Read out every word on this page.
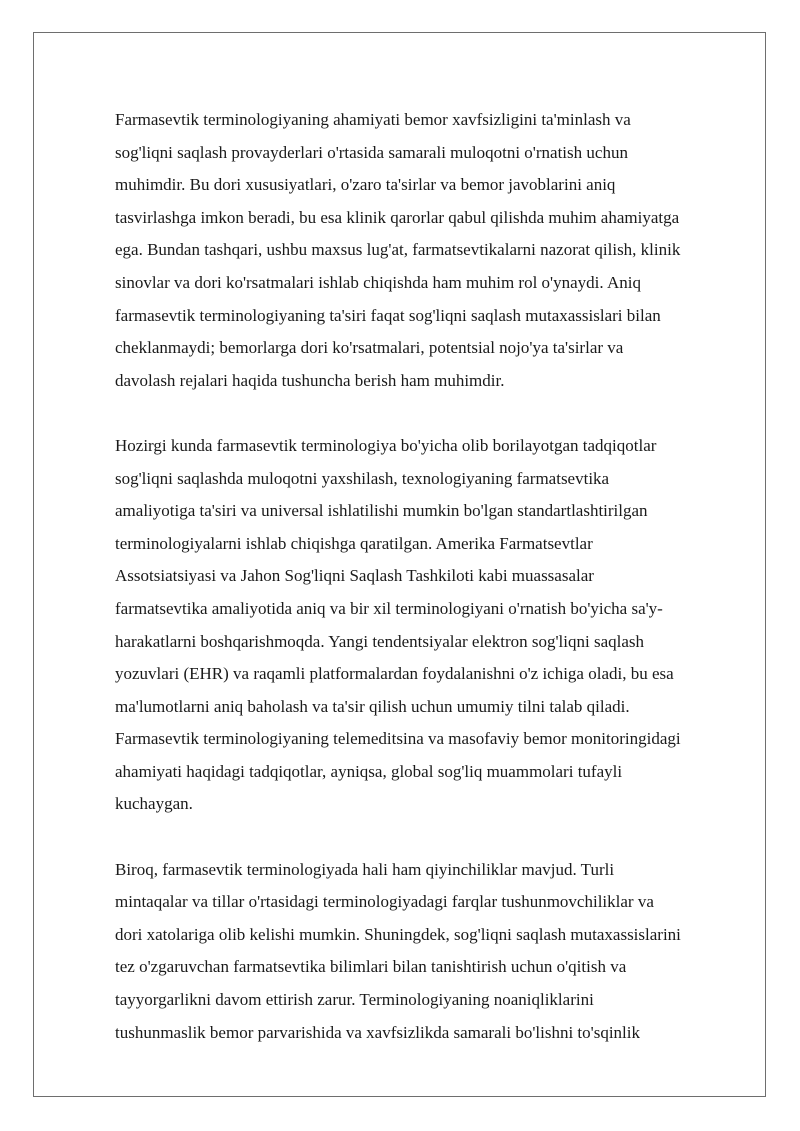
Farmasevtik terminologiyaning ahamiyati bemor xavfsizligini ta'minlash va
sog'liqni saqlash provayderlari o'rtasida samarali muloqotni o'rnatish uchun
muhimdir. Bu dori xususiyatlari, o'zaro ta'sirlar va bemor javoblarini aniq
tasvirlashga imkon beradi, bu esa klinik qarorlar qabul qilishda muhim ahamiyatga
ega. Bundan tashqari, ushbu maxsus lug'at, farmatsevtikalarni nazorat qilish, klinik
sinovlar va dori ko'rsatmalari ishlab chiqishda ham muhim rol o'ynaydi. Aniq
farmasevtik terminologiyaning ta'siri faqat sog'liqni saqlash mutaxassislari bilan
cheklanmaydi; bemorlarga dori ko'rsatmalari, potentsial nojo'ya ta'sirlar va
davolash rejalari haqida tushuncha berish ham muhimdir.

Hozirgi kunda farmasevtik terminologiya bo'yicha olib borilayotgan tadqiqotlar
sog'liqni saqlashda muloqotni yaxshilash, texnologiyaning farmatsevtika
amaliyotiga ta'siri va universal ishlatilishi mumkin bo'lgan standartlashtirilgan
terminologiyalarni ishlab chiqishga qaratilgan. Amerika Farmatsevtlar
Assotsiatsiyasi va Jahon Sog'liqni Saqlash Tashkiloti kabi muassasalar
farmatsevtika amaliyotida aniq va bir xil terminologiyani o'rnatish bo'yicha sa'y-
harakatlarni boshqarishmoqda. Yangi tendentsiyalar elektron sog'liqni saqlash
yozuvlari (EHR) va raqamli platformalardan foydalanishni o'z ichiga oladi, bu esa
ma'lumotlarni aniq baholash va ta'sir qilish uchun umumiy tilni talab qiladi.
Farmasevtik terminologiyaning telemeditsina va masofaviy bemor monitoringidagi
ahamiyati haqidagi tadqiqotlar, ayniqsa, global sog'liq muammolari tufayli
kuchaygan.

Biroq, farmasevtik terminologiyada hali ham qiyinchiliklar mavjud. Turli
mintaqalar va tillar o'rtasidagi terminologiyadagi farqlar tushunmovchiliklar va
dori xatolariga olib kelishi mumkin. Shuningdek, sog'liqni saqlash mutaxassislarini
tez o'zgaruvchan farmatsevtika bilimlari bilan tanishtirish uchun o'qitish va
tayyorgarlikni davom ettirish zarur. Terminologiyaning noaniqliklarini
tushunmaslik bemor parvarishida va xavfsizlikda samarali bo'lishni to'sqinlik
